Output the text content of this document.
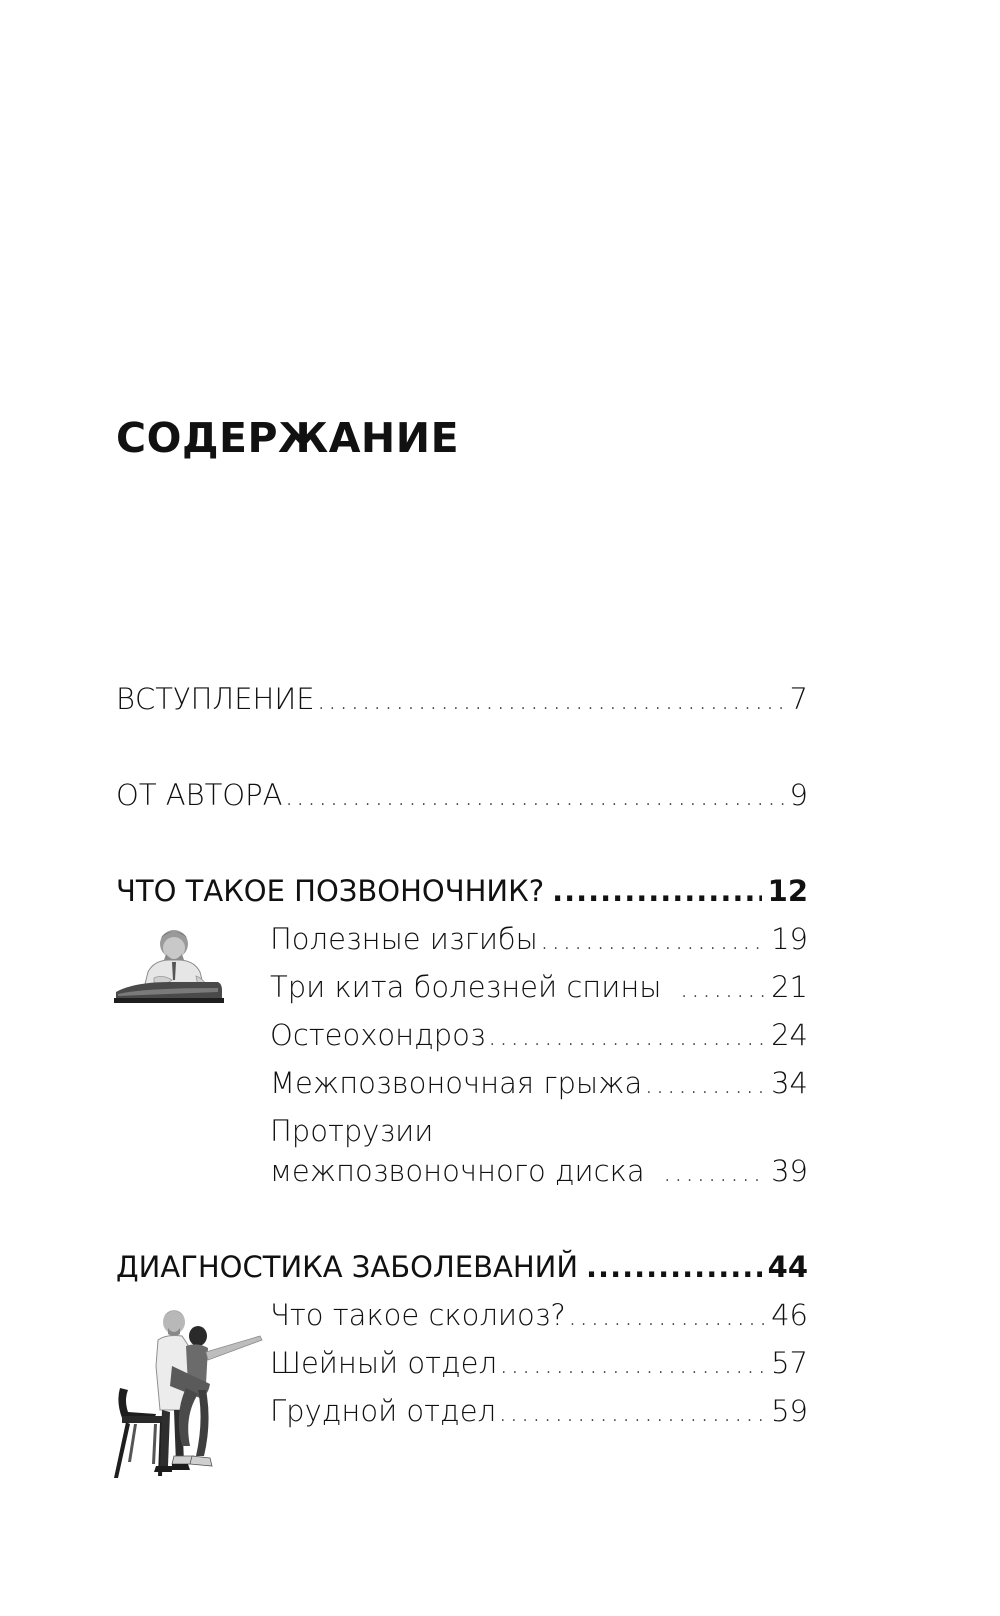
СОДЕРЖАНИЕ
ВСТУПЛЕНИЕ .....	7
ОТ АВТОРА .....	9
ЧТО ТАКОЕ ПОЗВОНОЧНИК? .....	12
Полезные изгибы .....	19
Три кита болезней спины .....	21
Остеохондроз .....	24
Межпозвоночная грыжа .....	34
Протрузии
межпозвоночного диска .....	39
ДИАГНОСТИКА ЗАБОЛЕВАНИЙ .....	44
Что такое сколиоз? .....	46
Шейный отдел .....	57
Грудной отдел .....	59
